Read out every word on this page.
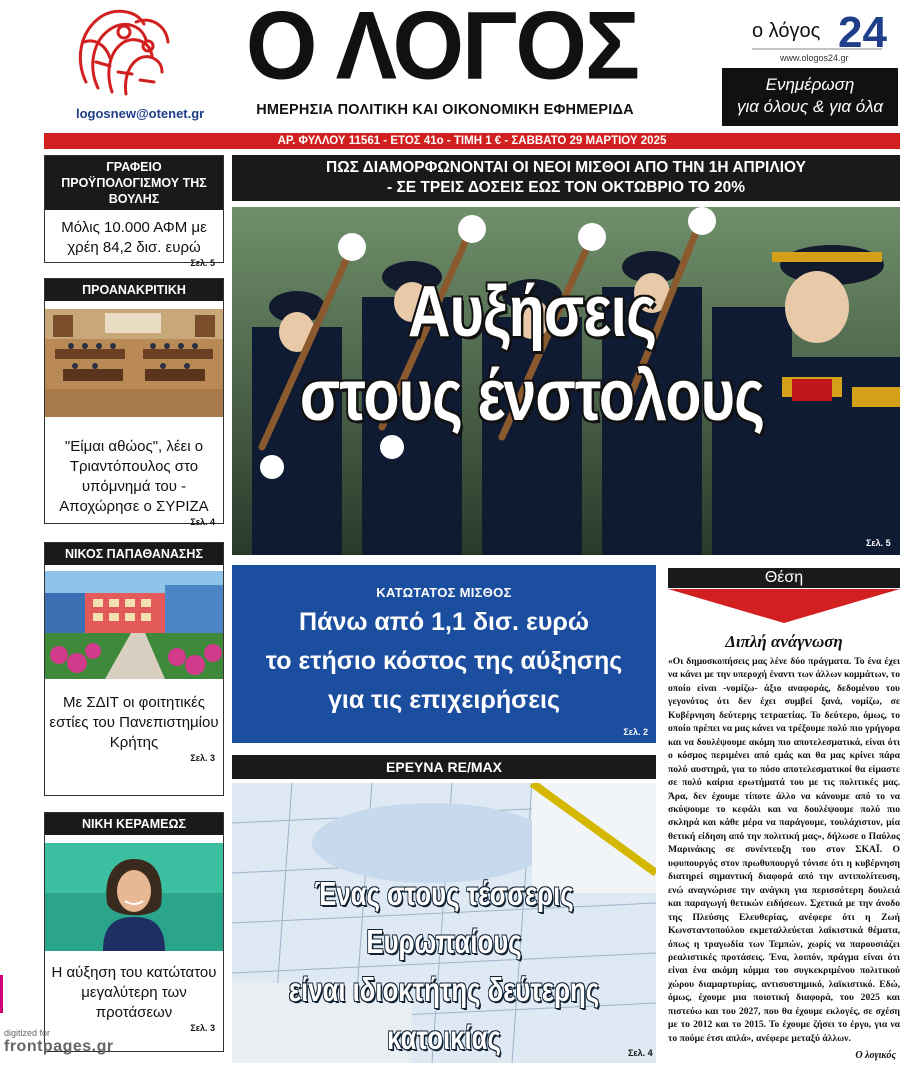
logosnew@otenet.gr
Ο ΛΟΓΟΣ
ΗΜΕΡΗΣΙΑ ΠΟΛΙΤΙΚΗ ΚΑΙ ΟΙΚΟΝΟΜΙΚΗ ΕΦΗΜΕΡΙΔΑ
ο λόγος 24
www.ologos24.gr
Ενημέρωση
για όλους & για όλα
ΑΡ. ΦΥΛΛΟΥ 11561 - ΕΤΟΣ 41ο - ΤΙΜΗ 1 € - ΣΑΒΒΑΤΟ 29 ΜΑΡΤΙΟΥ 2025
ΓΡΑΦΕΙΟ ΠΡΟΫΠΟΛΟΓΙΣΜΟΥ ΤΗΣ ΒΟΥΛΗΣ
Μόλις 10.000 ΑΦΜ με χρέη 84,2 δισ. ευρώ
Σελ. 5
ΠΡΟΑΝΑΚΡΙΤΙΚΗ
"Είμαι αθώος", λέει ο Τριαντόπουλος στο υπόμνημά του - Αποχώρησε ο ΣΥΡΙΖΑ
Σελ. 4
ΝΙΚΟΣ ΠΑΠΑΘΑΝΑΣΗΣ
Με ΣΔΙΤ οι φοιτητικές εστίες του Πανεπιστημίου Κρήτης
Σελ. 3
ΝΙΚΗ ΚΕΡΑΜΕΩΣ
Η αύξηση του κατώτατου μεγαλύτερη των προτάσεων
Σελ. 3
ΠΩΣ ΔΙΑΜΟΡΦΩΝΟΝΤΑΙ ΟΙ ΝΕΟΙ ΜΙΣΘΟΙ ΑΠΟ ΤΗΝ 1Η ΑΠΡΙΛΙΟΥ
- ΣΕ ΤΡΕΙΣ ΔΟΣΕΙΣ ΕΩΣ ΤΟΝ ΟΚΤΩΒΡΙΟ ΤΟ 20%
Αυξήσεις
στους ένστολους
Σελ. 5
ΚΑΤΩΤΑΤΟΣ ΜΙΣΘΟΣ
Πάνω από 1,1 δισ. ευρώ
το ετήσιο κόστος της αύξησης
για τις επιχειρήσεις
Σελ. 2
ΕΡΕΥΝΑ RE/MAX
Ένας στους τέσσερις Ευρωπαίους
είναι ιδιοκτήτης δεύτερης κατοικίας	Σελ. 4
Θέση
Διπλή ανάγνωση
«Οι δημοσκοπήσεις μας λένε δύο πράγματα. Το ένα έχει να κάνει με την υπεροχή έναντι των άλλων κομμάτων, το οποίο είναι -νομίζω- άξιο αναφοράς, δεδομένου του γεγονότος ότι δεν έχει συμβεί ξανά, νομίζω, σε Κυβέρνηση δεύτερης τετραετίας. Το δεύτερο, όμως, το οποίο πρέπει να μας κάνει να τρέξουμε πολύ πιο γρήγορα και να δουλέψουμε ακόμη πιο αποτελεσματικά, είναι ότι ο κόσμος περιμένει από εμάς και θα μας κρίνει πάρα πολύ αυστηρά, για το πόσο αποτελεσματικοί θα είμαστε σε πολύ καίρια ερωτήματά του με τις πολιτικές μας. Άρα, δεν έχουμε τίποτε άλλο να κάνουμε από το να σκύψουμε το κεφάλι και να δουλέψουμε πολύ πιο σκληρά και κάθε μέρα να παράγουμε, τουλάχιστον, μία θετική είδηση από την πολιτική μας», δήλωσε ο Παύλος Μαρινάκης σε συνέντευξη του στον ΣΚΑΪ. Ο υφυπουργός στον πρωθυπουργό τόνισε ότι η κυβέρνηση διατηρεί σημαντική διαφορά από την αντιπολίτευση, ενώ αναγνώρισε την ανάγκη για περισσότερη δουλειά και παραγωγή θετικών ειδήσεων. Σχετικά με την άνοδο της Πλεύσης Ελευθερίας, ανέφερε ότι η Ζωή Κωνσταντοπούλου εκμεταλλεύεται λαϊκιστικά θέματα, όπως η τραγωδία των Τεμπών, χωρίς να παρουσιάζει ρεαλιστικές προτάσεις. Ένα, λοιπόν, πράγμα είναι ότι είναι ένα ακόμη κόμμα του συγκεκριμένου πολιτικού χώρου διαμαρτυρίας, αντισυστημικό, λαϊκιστικό. Εδώ, όμως, έχουμε μια ποιοτική διαφορά, του 2025 και πιστεύω και του 2027, που θα έχουμε εκλογές, σε σχέση με το 2012 και το 2015. Το έχουμε ζήσει το έργο, για να το πούμε έτσι απλά», ανέφερε μεταξύ άλλων.
Ο λογικός
digitized for
frontpages.gr
